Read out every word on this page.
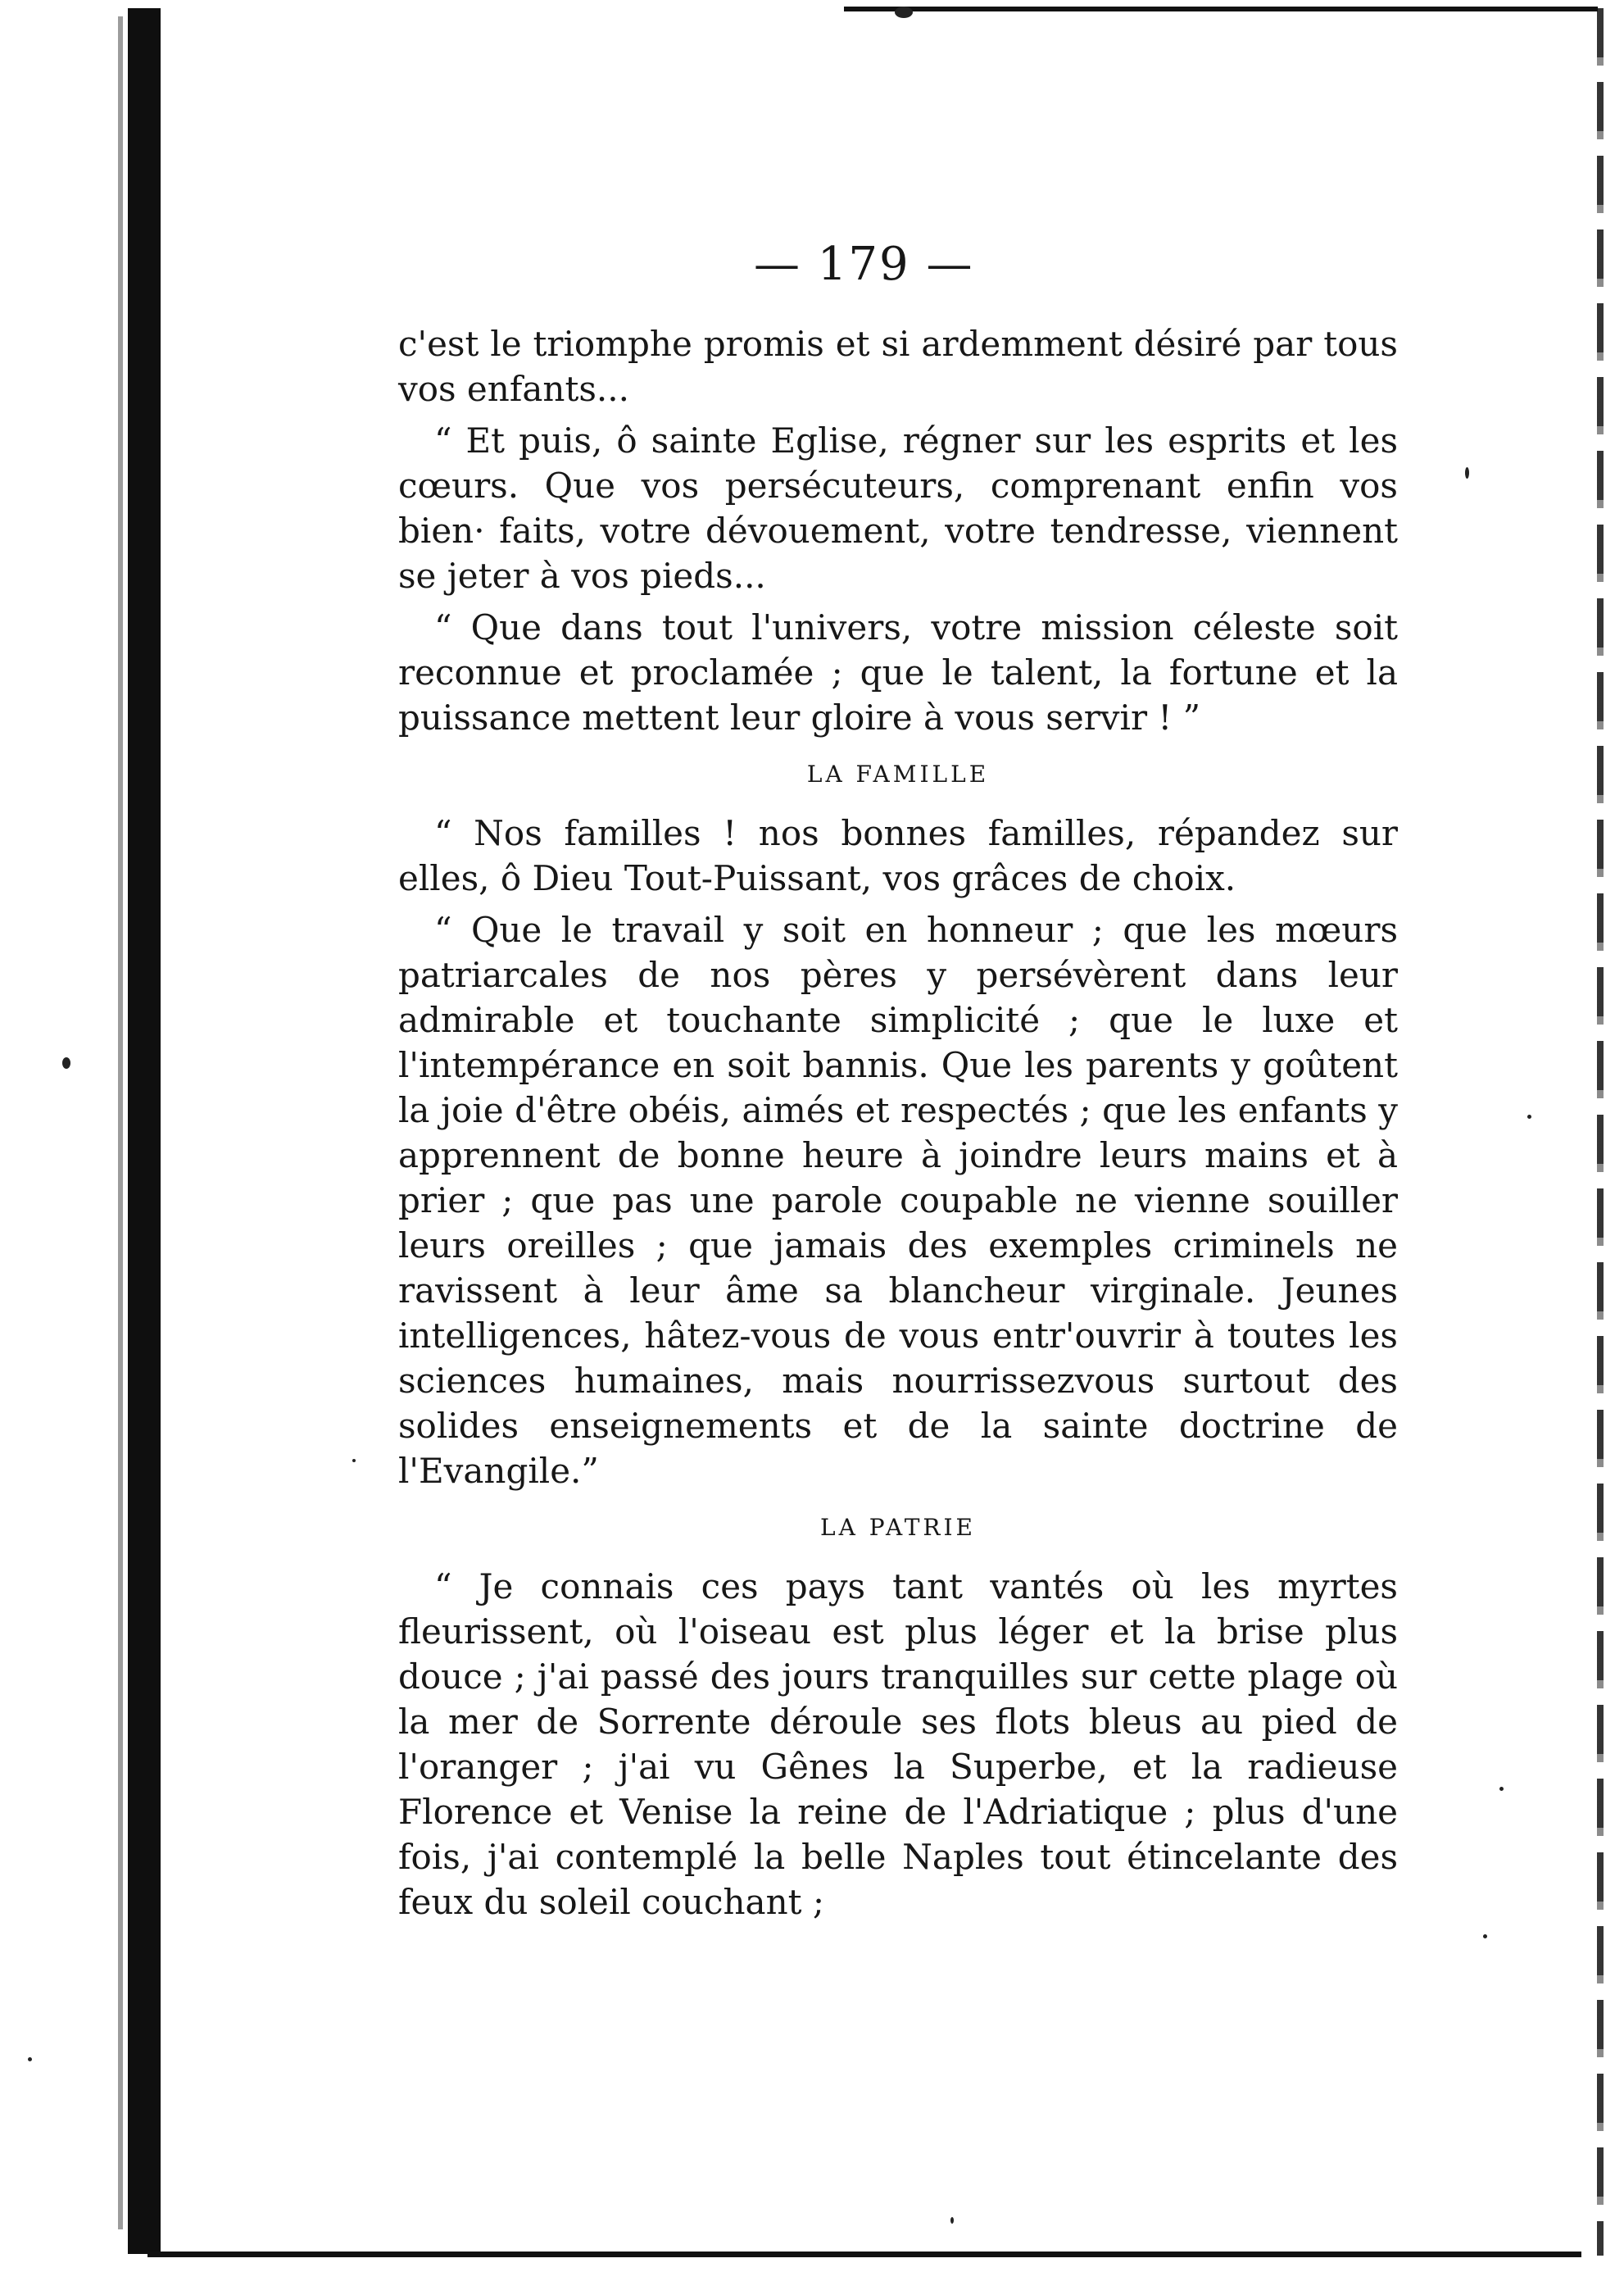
— 179 —

c'est le triomphe promis et si ardemment désiré par tous vos enfants...

“ Et puis, ô sainte Eglise, régner sur les esprits et les cœurs. Que vos persécuteurs, comprenant enfin vos bien· faits, votre dévouement, votre tendresse, viennent se jeter à vos pieds...

“ Que dans tout l'univers, votre mission céleste soit reconnue et proclamée ; que le talent, la fortune et la puissance mettent leur gloire à vous servir ! ”

LA FAMILLE

“ Nos familles ! nos bonnes familles, répandez sur elles, ô Dieu Tout-Puissant, vos grâces de choix.

“ Que le travail y soit en honneur ; que les mœurs patriarcales de nos pères y persévèrent dans leur admirable et touchante simplicité ; que le luxe et l'intempérance en soit bannis. Que les parents y goûtent la joie d'être obéis, aimés et respectés ; que les enfants y apprennent de bonne heure à joindre leurs mains et à prier ; que pas une parole coupable ne vienne souiller leurs oreilles ; que jamais des exemples criminels ne ravissent à leur âme sa blancheur virginale. Jeunes intelligences, hâtez-vous de vous entr'ouvrir à toutes les sciences humaines, mais nourrissezvous surtout des solides enseignements et de la sainte doctrine de l'Evangile.”

LA PATRIE

“ Je connais ces pays tant vantés où les myrtes fleurissent, où l'oiseau est plus léger et la brise plus douce ; j'ai passé des jours tranquilles sur cette plage où la mer de Sorrente déroule ses flots bleus au pied de l'oranger ; j'ai vu Gênes la Superbe, et la radieuse Florence et Venise la reine de l'Adriatique ; plus d'une fois, j'ai contemplé la belle Naples tout étincelante des feux du soleil couchant ;
